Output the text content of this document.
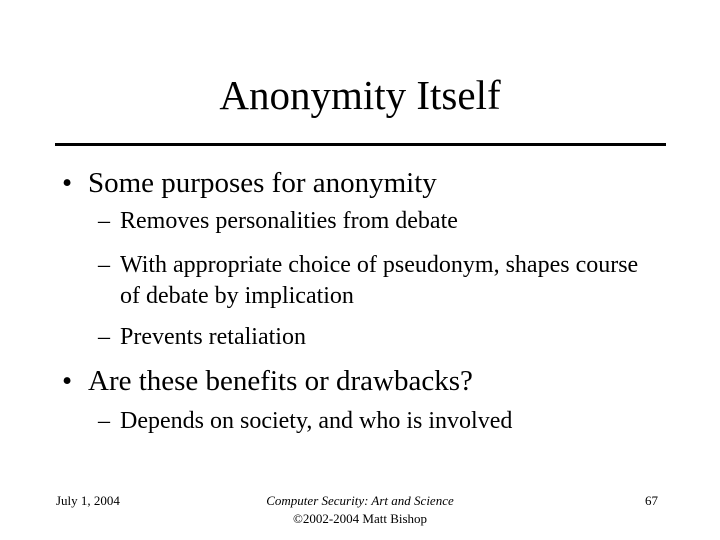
Anonymity Itself
• Some purposes for anonymity
– Removes personalities from debate
– With appropriate choice of pseudonym, shapes course of debate by implication
– Prevents retaliation
• Are these benefits or drawbacks?
– Depends on society, and who is involved
July 1, 2004	Computer Security: Art and Science
©2002-2004 Matt Bishop
67
